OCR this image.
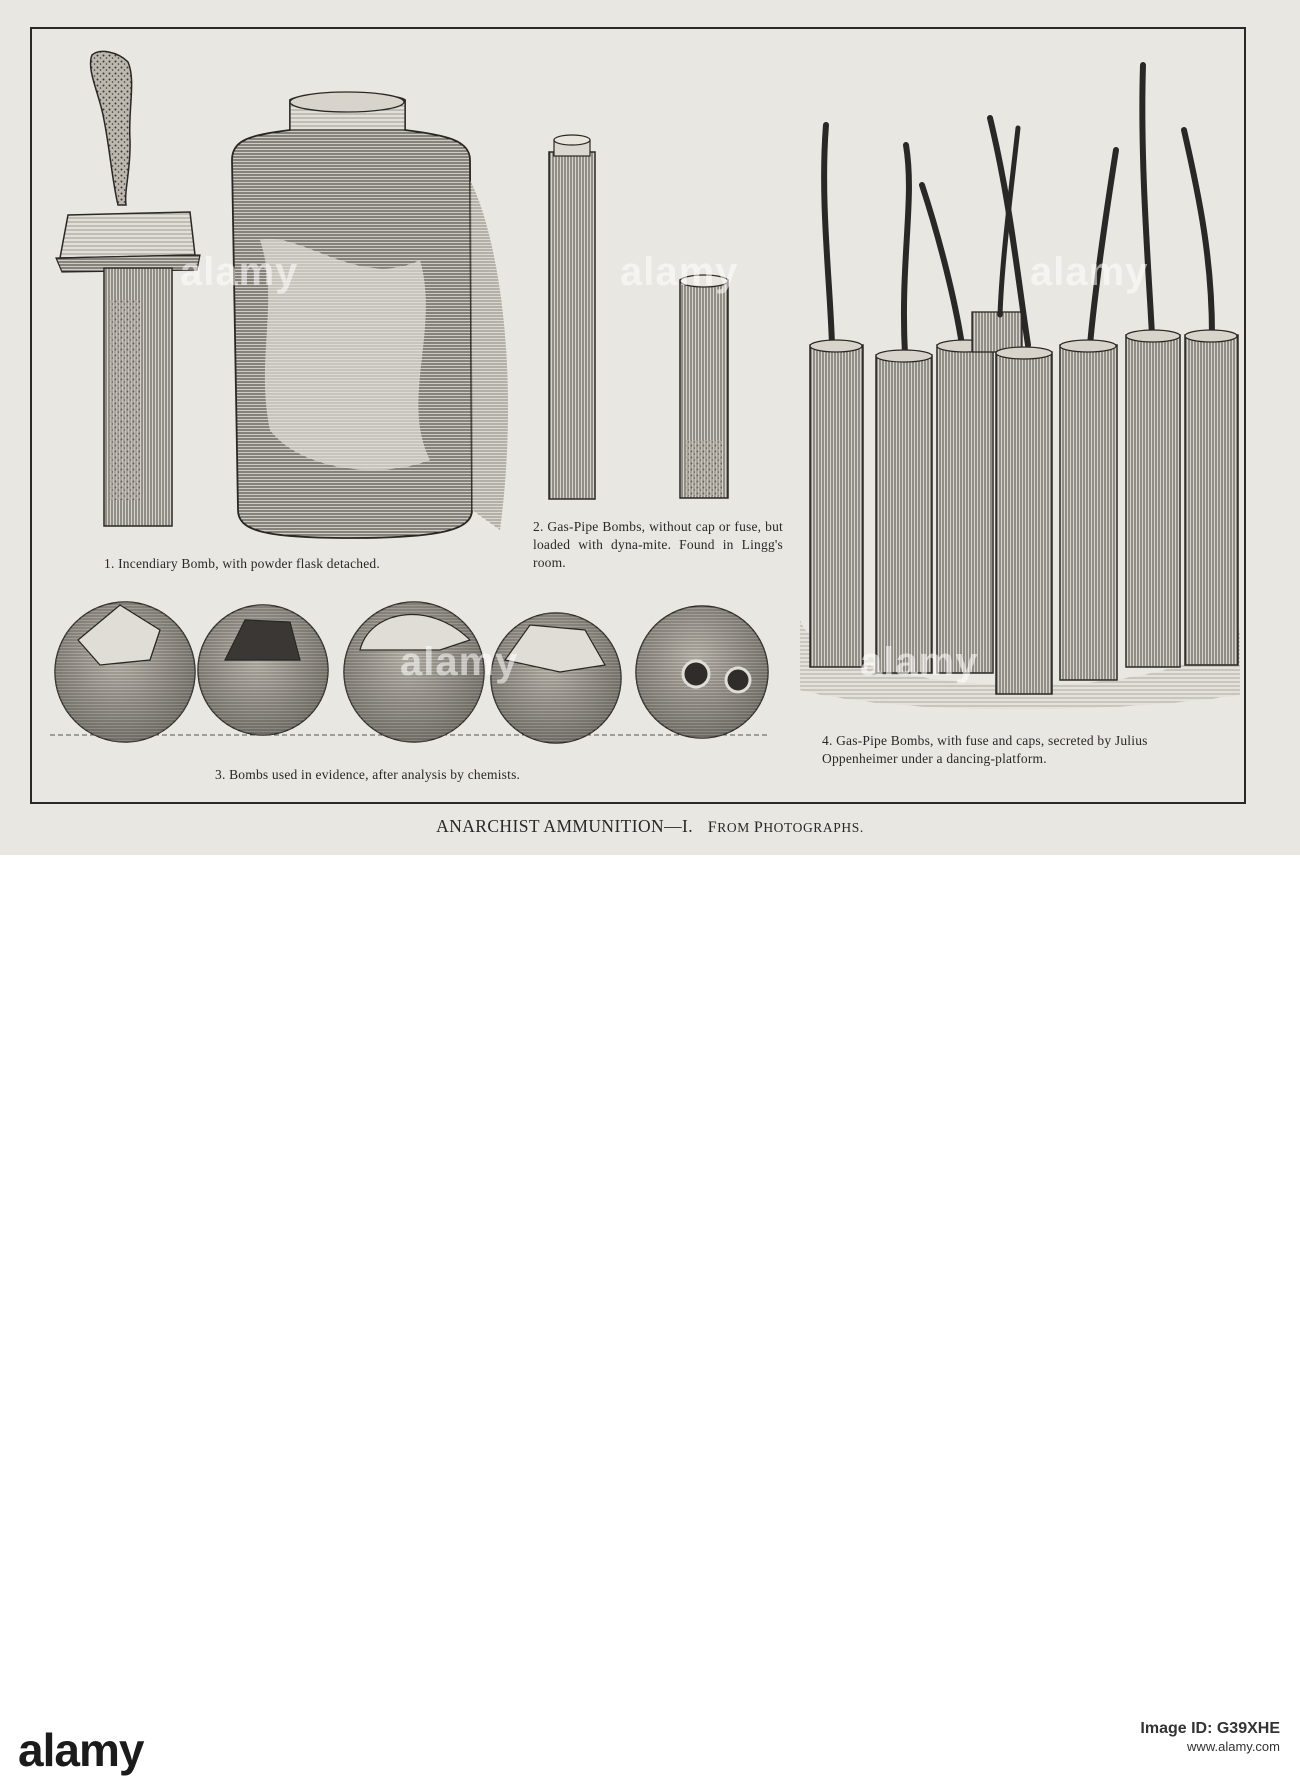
1. Incendiary Bomb, with powder flask detached.
2. Gas-Pipe Bombs, without cap or fuse, but loaded with dyna-mite. Found in Lingg's room.
3. Bombs used in evidence, after analysis by chemists.
4. Gas-Pipe Bombs, with fuse and caps, secreted by Julius Oppenheimer under a dancing-platform.
ANARCHIST AMMUNITION—I. FROM PHOTOGRAPHS.
alamy	alamy	alamy
alamy	alamy
alamy	Image ID: G39XHE
www.alamy.com
